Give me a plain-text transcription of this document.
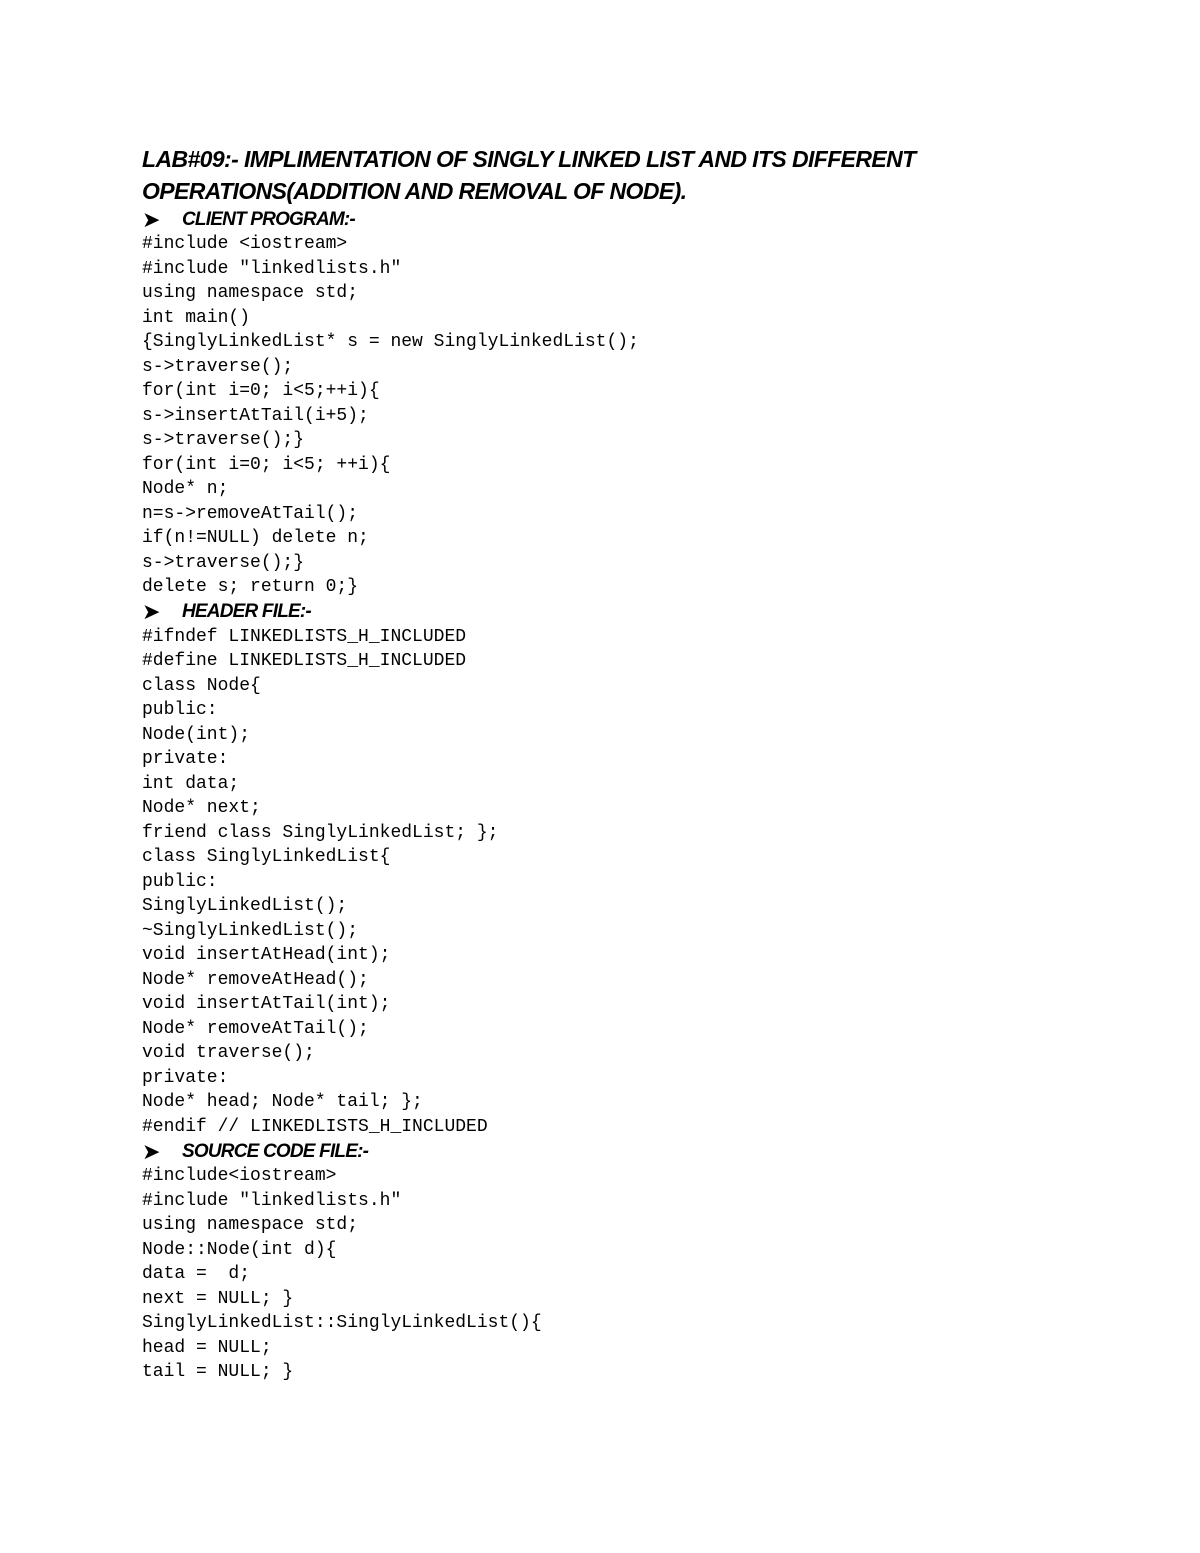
LAB#09:- IMPLIMENTATION OF SINGLY LINKED LIST AND ITS DIFFERENT
OPERATIONS(ADDITION AND REMOVAL OF NODE).
➤	CLIENT PROGRAM:-
#include <iostream>
#include "linkedlists.h"
using namespace std;
int main()
{SinglyLinkedList* s = new SinglyLinkedList();
s->traverse();
for(int i=0; i<5;++i){
s->insertAtTail(i+5);
s->traverse();}
for(int i=0; i<5; ++i){
Node* n;
n=s->removeAtTail();
if(n!=NULL) delete n;
s->traverse();}
delete s; return 0;}
➤	HEADER FILE:-
#ifndef LINKEDLISTS_H_INCLUDED
#define LINKEDLISTS_H_INCLUDED
class Node{
public:
Node(int);
private:
int data;
Node* next;
friend class SinglyLinkedList; };
class SinglyLinkedList{
public:
SinglyLinkedList();
~SinglyLinkedList();
void insertAtHead(int);
Node* removeAtHead();
void insertAtTail(int);
Node* removeAtTail();
void traverse();
private:
Node* head; Node* tail; };
#endif // LINKEDLISTS_H_INCLUDED
➤	SOURCE CODE FILE:-
#include<iostream>
#include "linkedlists.h"
using namespace std;
Node::Node(int d){
data =  d;
next = NULL; }
SinglyLinkedList::SinglyLinkedList(){
head = NULL;
tail = NULL; }
